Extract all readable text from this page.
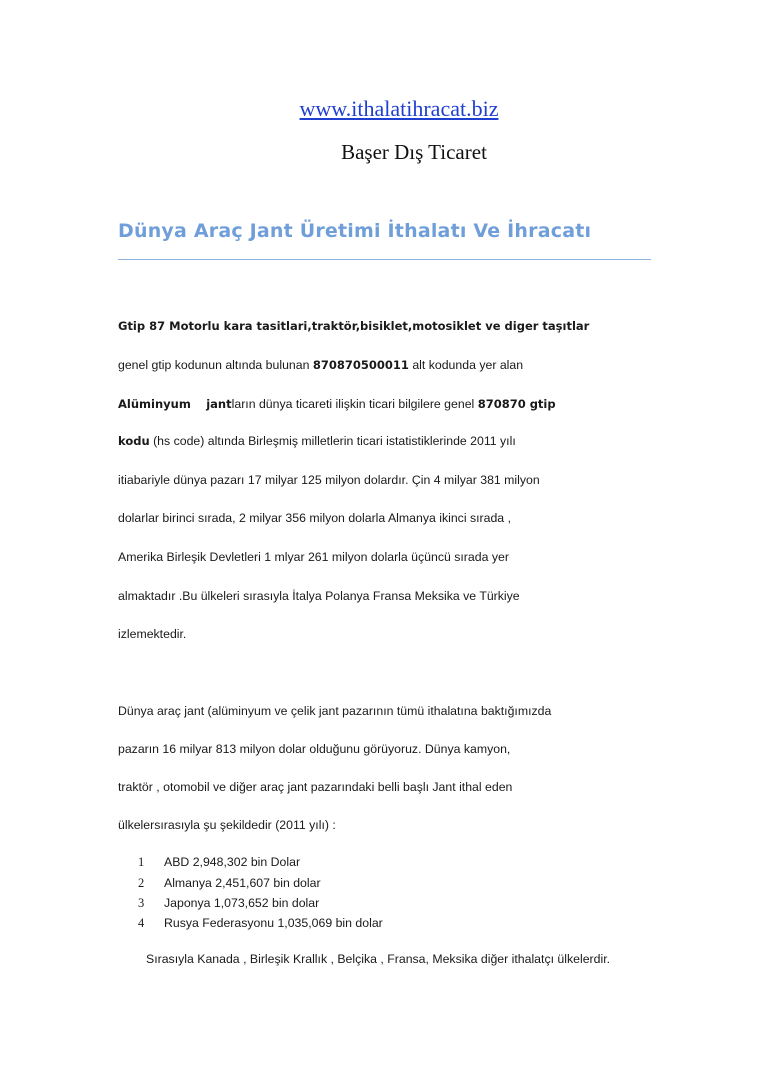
www.ithalatihracat.biz
Başer Dış Ticaret
Dünya Araç Jant Üretimi İthalatı Ve İhracatı
Gtip 87 Motorlu kara tasitlari,traktör,bisiklet,motosiklet ve diger taşıtlar
genel gtip kodunun altında bulunan 870870500011 alt kodunda yer alan
Alüminyum jantların dünya ticareti ilişkin ticari bilgilere genel 870870 gtip
kodu (hs code) altında Birleşmiş milletlerin ticari istatistiklerinde 2011 yılı
itiabariyle dünya pazarı 17 milyar 125 milyon dolardır. Çin 4 milyar 381 milyon
dolarlar birinci sırada, 2 milyar 356 milyon dolarla Almanya ikinci sırada ,
Amerika Birleşik Devletleri 1 mlyar 261 milyon dolarla üçüncü sırada yer
almaktadır .Bu ülkeleri sırasıyla İtalya Polanya Fransa Meksika ve Türkiye
izlemektedir.
Dünya araç jant (alüminyum ve çelik jant pazarının tümü ithalatına baktığımızda
pazarın 16 milyar 813 milyon dolar olduğunu görüyoruz. Dünya kamyon,
traktör , otomobil ve diğer araç jant pazarındaki belli başlı Jant ithal eden
ülkelersırasıyla şu şekildedir (2011 yılı) :
1 ABD 2,948,302 bin Dolar
2 Almanya 2,451,607 bin dolar
3 Japonya 1,073,652 bin dolar
4 Rusya Federasyonu 1,035,069 bin dolar
Sırasıyla Kanada , Birleşik Krallık , Belçika , Fransa, Meksika diğer ithalatçı ülkelerdir.
